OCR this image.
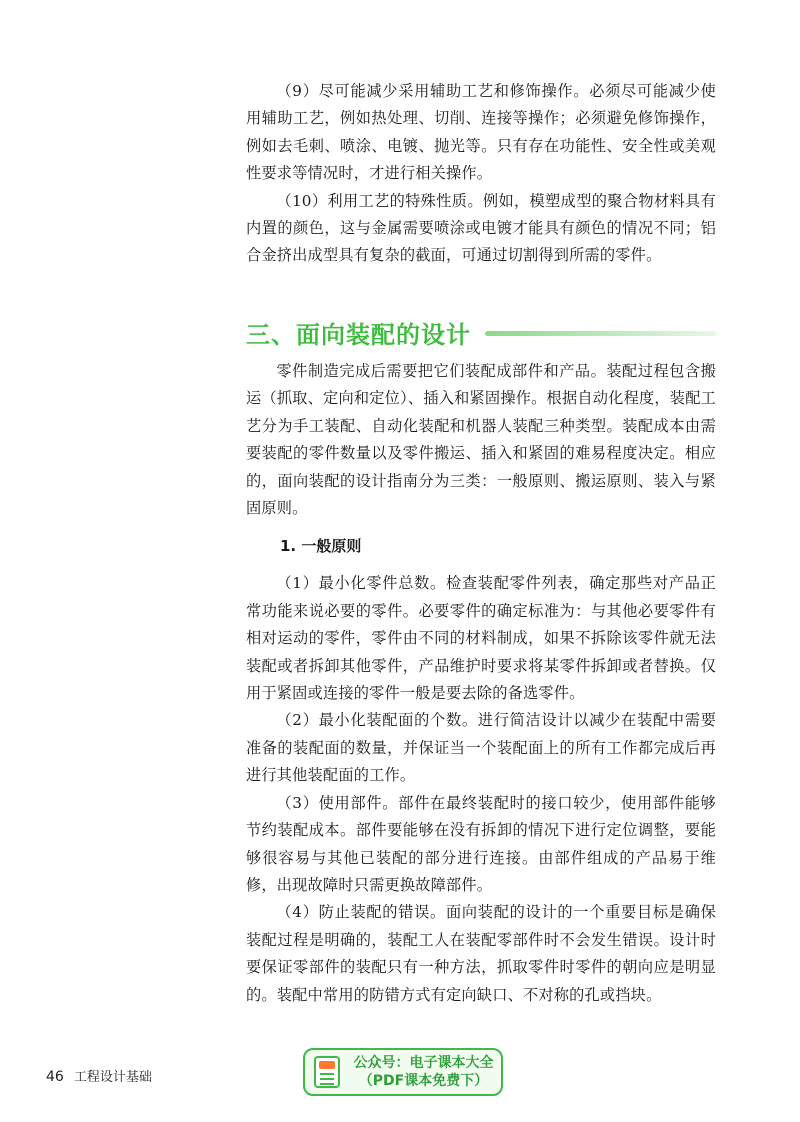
（9）尽可能减少采用辅助工艺和修饰操作。必须尽可能减少使用辅助工艺，例如热处理、切削、连接等操作；必须避免修饰操作，例如去毛刺、喷涂、电镀、抛光等。只有存在功能性、安全性或美观性要求等情况时，才进行相关操作。

（10）利用工艺的特殊性质。例如，模塑成型的聚合物材料具有内置的颜色，这与金属需要喷涂或电镀才能具有颜色的情况不同；铝合金挤出成型具有复杂的截面，可通过切割得到所需的零件。

三、面向装配的设计

零件制造完成后需要把它们装配成部件和产品。装配过程包含搬运（抓取、定向和定位）、插入和紧固操作。根据自动化程度，装配工艺分为手工装配、自动化装配和机器人装配三种类型。装配成本由需要装配的零件数量以及零件搬运、插入和紧固的难易程度决定。相应的，面向装配的设计指南分为三类：一般原则、搬运原则、装入与紧固原则。

1. 一般原则

（1）最小化零件总数。检查装配零件列表，确定那些对产品正常功能来说必要的零件。必要零件的确定标准为：与其他必要零件有相对运动的零件，零件由不同的材料制成，如果不拆除该零件就无法装配或者拆卸其他零件，产品维护时要求将某零件拆卸或者替换。仅用于紧固或连接的零件一般是要去除的备选零件。

（2）最小化装配面的个数。进行简洁设计以减少在装配中需要准备的装配面的数量，并保证当一个装配面上的所有工作都完成后再进行其他装配面的工作。

（3）使用部件。部件在最终装配时的接口较少，使用部件能够节约装配成本。部件要能够在没有拆卸的情况下进行定位调整，要能够很容易与其他已装配的部分进行连接。由部件组成的产品易于维修，出现故障时只需更换故障部件。

（4）防止装配的错误。面向装配的设计的一个重要目标是确保装配过程是明确的，装配工人在装配零部件时不会发生错误。设计时要保证零部件的装配只有一种方法，抓取零件时零件的朝向应是明显的。装配中常用的防错方式有定向缺口、不对称的孔或挡块。

46 工程设计基础
公众号：电子课本大全
（PDF课本免费下）
